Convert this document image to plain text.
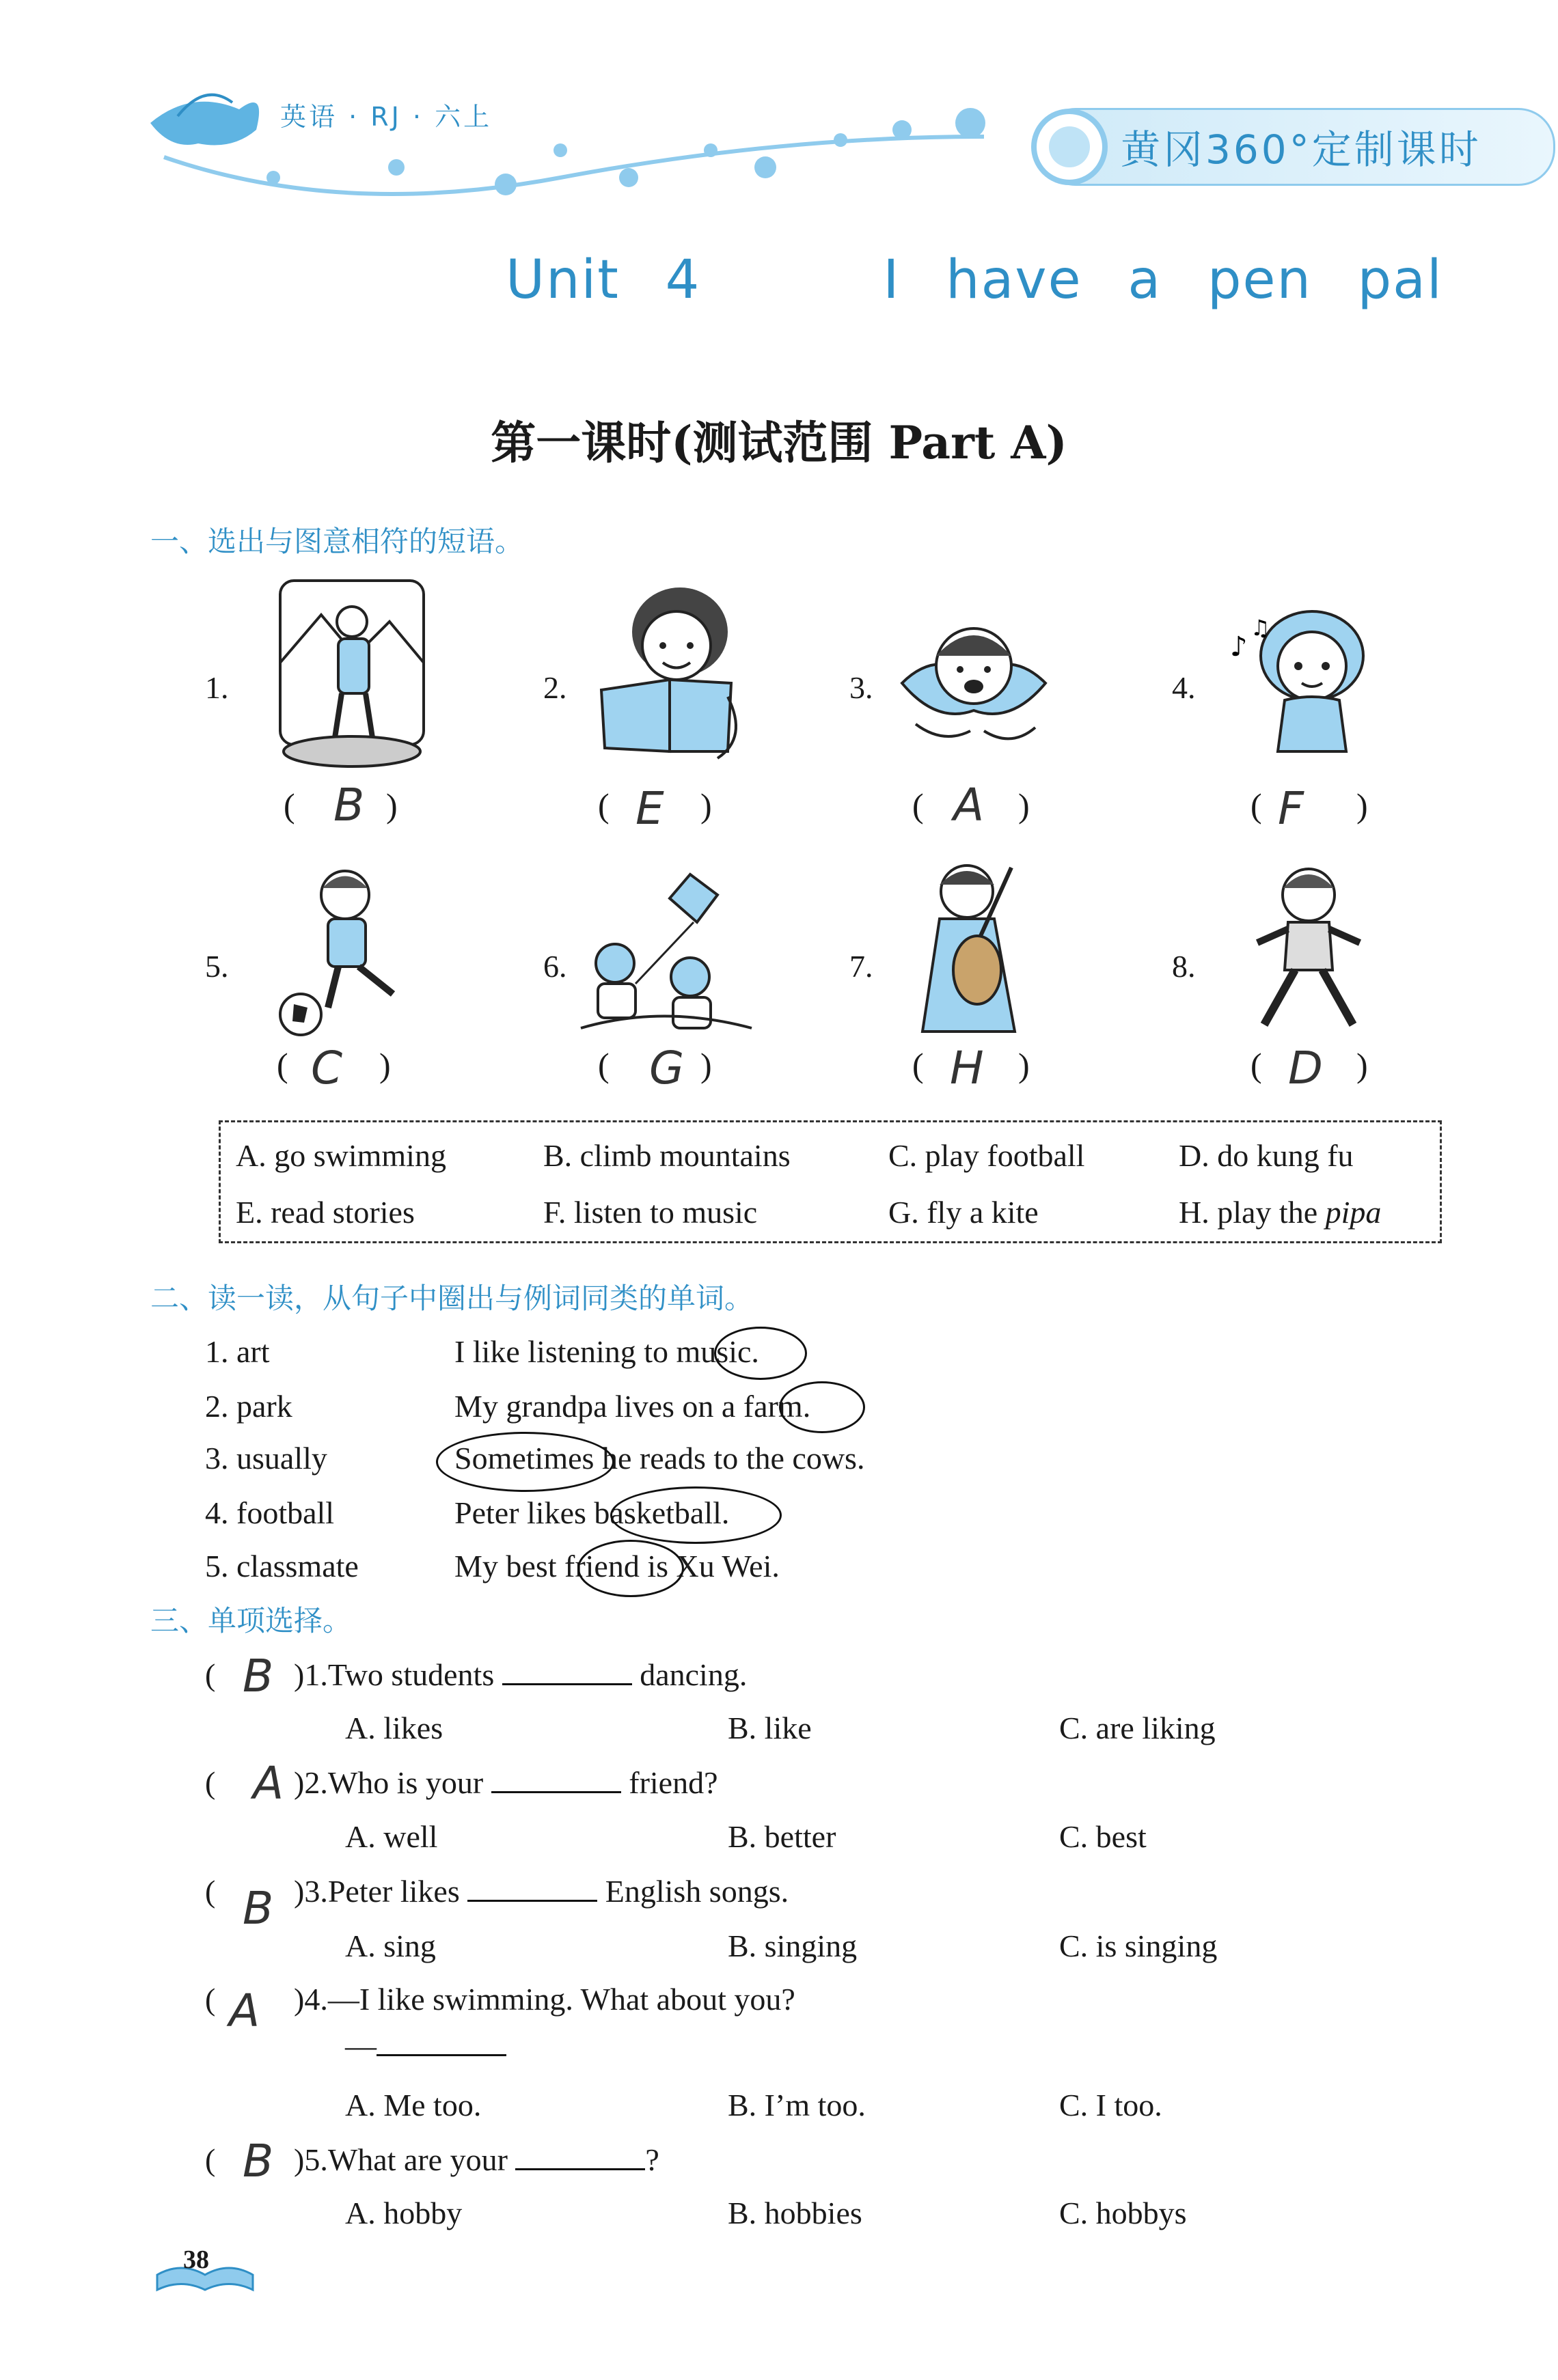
英语 · RJ · 六上
黄冈360°定制课时
Unit 4    I have a pen pal
第一课时(测试范围 Part A)
一、选出与图意相符的短语。
1.	2.	3.	4.
♪
♫
( B )	( E )	( A )	( F )
5.	6.	7.	8.
( C )	( G )	( H )	( D )
A. go swimming	B. climb mountains	C. play football	D. do kung fu
E. read stories	F. listen to music	G. fly a kite	H. play the pipa
二、读一读，从句子中圈出与例词同类的单词。
1. art	I like listening to music.
2. park	My grandpa lives on a farm.
3. usually	Sometimes he reads to the cows.
4. football	Peter likes basketball.
5. classmate	My best friend is Xu Wei.
三、单项选择。
( B )1.Two students	dancing.
A. likes	B. like	C. are liking
( A )2.Who is your	friend?
A. well	B. better	C. best
( B )3.Peter likes	English songs.
A. sing	B. singing	C. is singing
( A )4.—I like swimming. What about you?
—
A. Me too.	B. I’m too.	C. I too.
( B )5.What are your	?
A. hobby	B. hobbies	C. hobbys
38
